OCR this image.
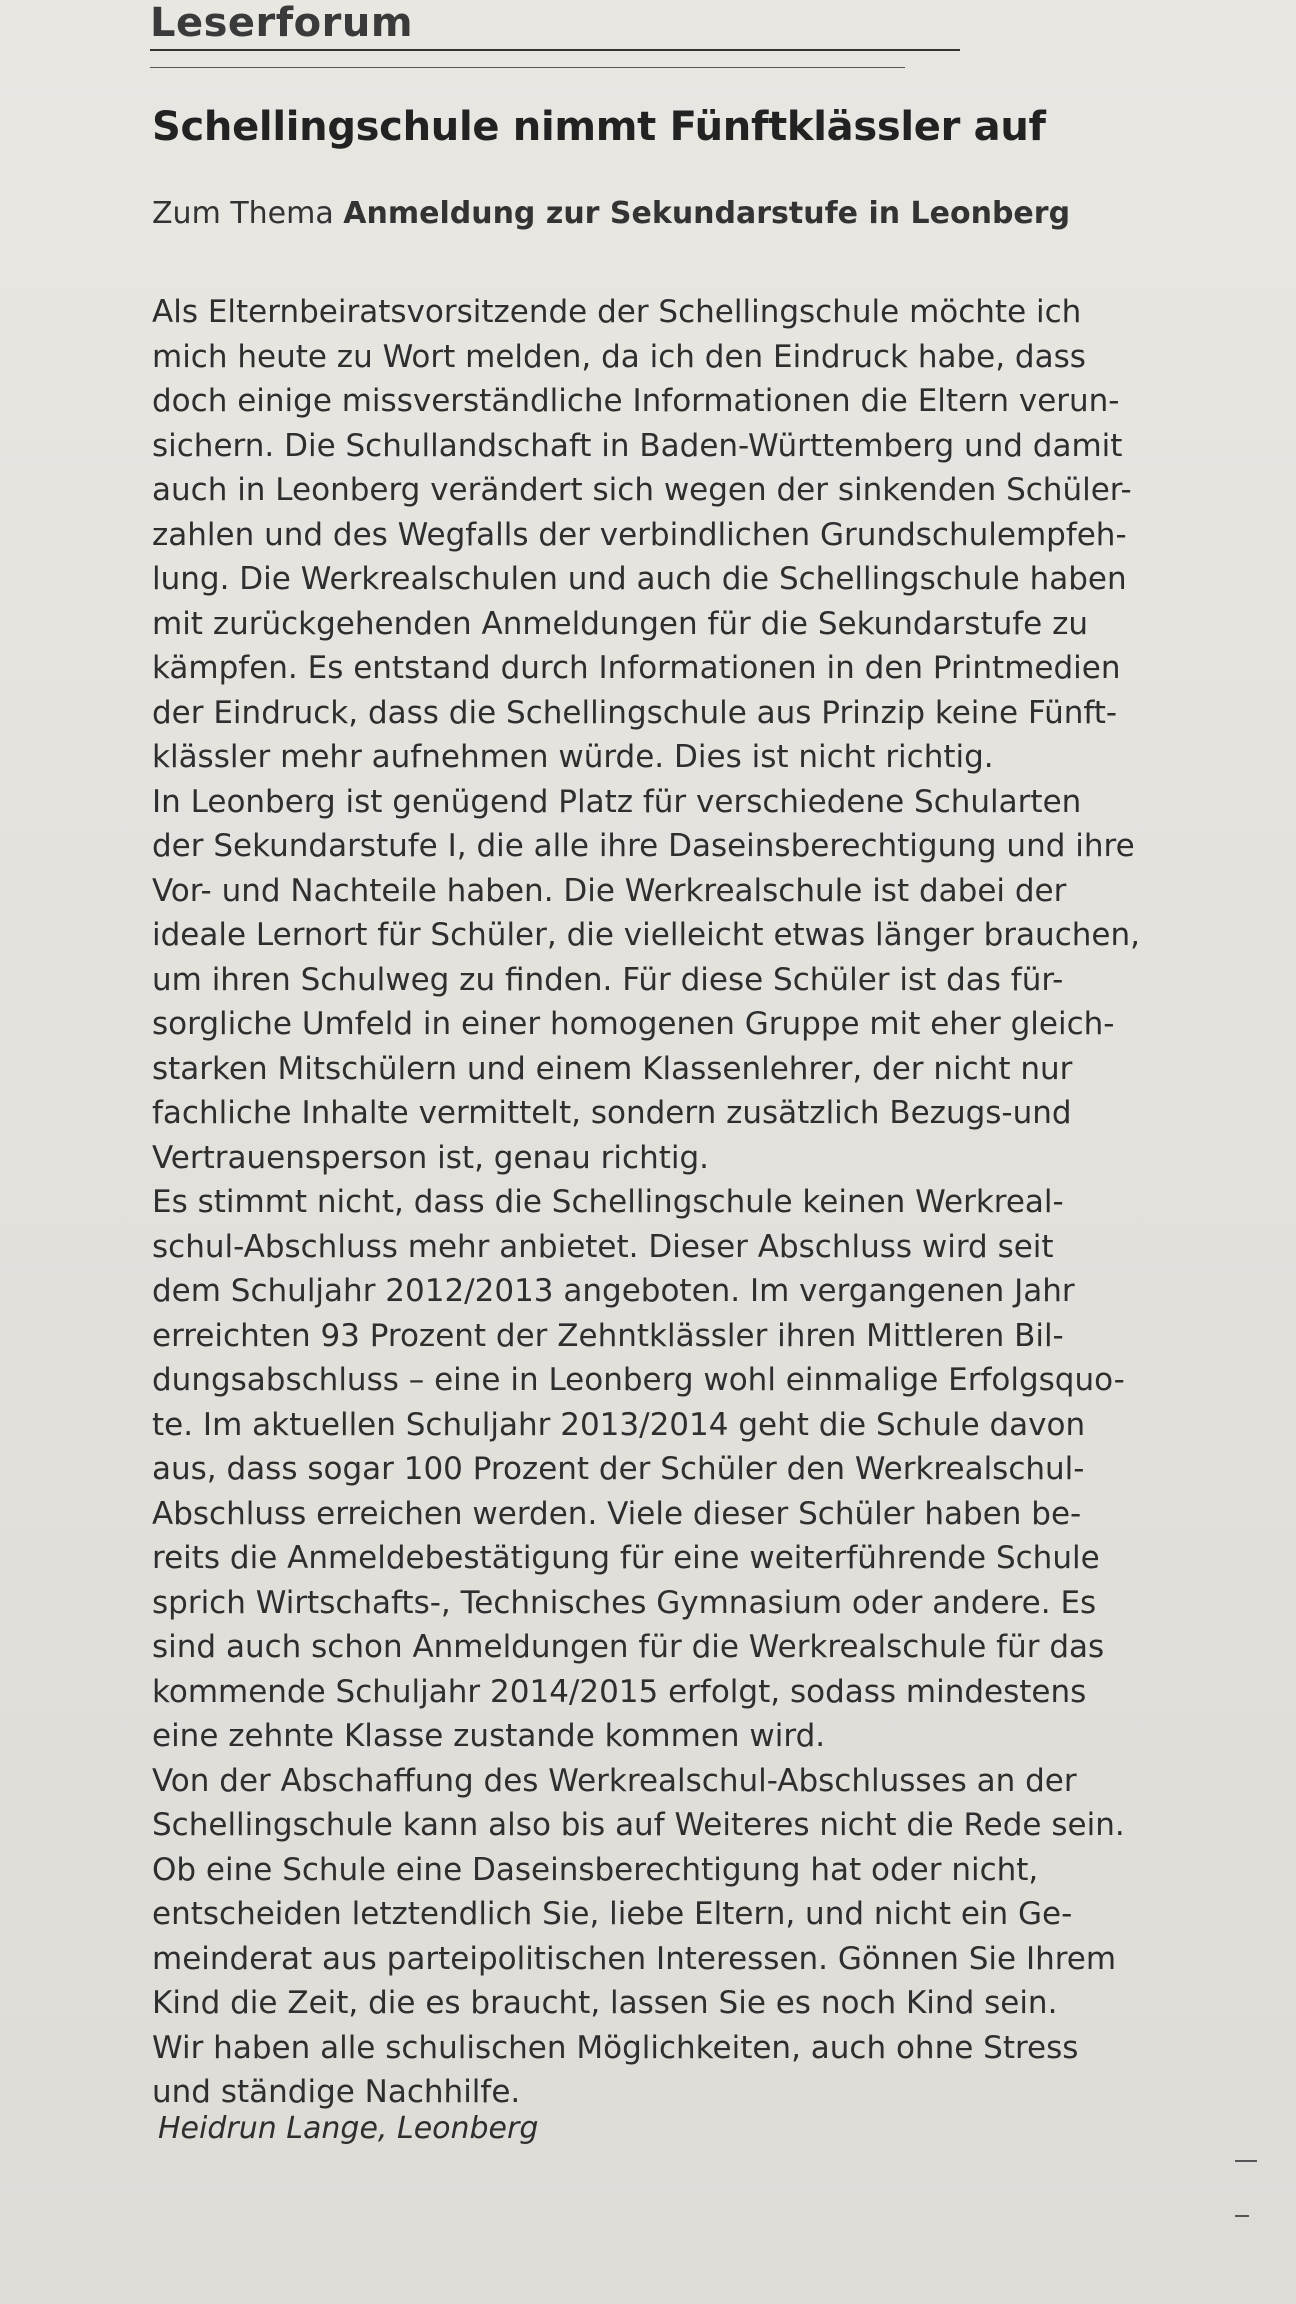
Leserforum
Schellingschule nimmt Fünftklässler auf
Zum Thema Anmeldung zur Sekundarstufe in Leonberg
Als Elternbeiratsvorsitzende der Schellingschule möchte ich
mich heute zu Wort melden, da ich den Eindruck habe, dass
doch einige missverständliche Informationen die Eltern verun-
sichern. Die Schullandschaft in Baden-Württemberg und damit
auch in Leonberg verändert sich wegen der sinkenden Schüler-
zahlen und des Wegfalls der verbindlichen Grundschulempfeh-
lung. Die Werkrealschulen und auch die Schellingschule haben
mit zurückgehenden Anmeldungen für die Sekundarstufe zu
kämpfen. Es entstand durch Informationen in den Printmedien
der Eindruck, dass die Schellingschule aus Prinzip keine Fünft-
klässler mehr aufnehmen würde. Dies ist nicht richtig.
In Leonberg ist genügend Platz für verschiedene Schularten
der Sekundarstufe I, die alle ihre Daseinsberechtigung und ihre
Vor- und Nachteile haben. Die Werkrealschule ist dabei der
ideale Lernort für Schüler, die vielleicht etwas länger brauchen,
um ihren Schulweg zu finden. Für diese Schüler ist das für-
sorgliche Umfeld in einer homogenen Gruppe mit eher gleich-
starken Mitschülern und einem Klassenlehrer, der nicht nur
fachliche Inhalte vermittelt, sondern zusätzlich Bezugs-und
Vertrauensperson ist, genau richtig.
Es stimmt nicht, dass die Schellingschule keinen Werkreal-
schul-Abschluss mehr anbietet. Dieser Abschluss wird seit
dem Schuljahr 2012/2013 angeboten. Im vergangenen Jahr
erreichten 93 Prozent der Zehntklässler ihren Mittleren Bil-
dungsabschluss – eine in Leonberg wohl einmalige Erfolgsquo-
te. Im aktuellen Schuljahr 2013/2014 geht die Schule davon
aus, dass sogar 100 Prozent der Schüler den Werkrealschul-
Abschluss erreichen werden. Viele dieser Schüler haben be-
reits die Anmeldebestätigung für eine weiterführende Schule
sprich Wirtschafts-, Technisches Gymnasium oder andere. Es
sind auch schon Anmeldungen für die Werkrealschule für das
kommende Schuljahr 2014/2015 erfolgt, sodass mindestens
eine zehnte Klasse zustande kommen wird.
Von der Abschaffung des Werkrealschul-Abschlusses an der
Schellingschule kann also bis auf Weiteres nicht die Rede sein.
Ob eine Schule eine Daseinsberechtigung hat oder nicht,
entscheiden letztendlich Sie, liebe Eltern, und nicht ein Ge-
meinderat aus parteipolitischen Interessen. Gönnen Sie Ihrem
Kind die Zeit, die es braucht, lassen Sie es noch Kind sein.
Wir haben alle schulischen Möglichkeiten, auch ohne Stress
und ständige Nachhilfe.
Heidrun Lange, Leonberg
